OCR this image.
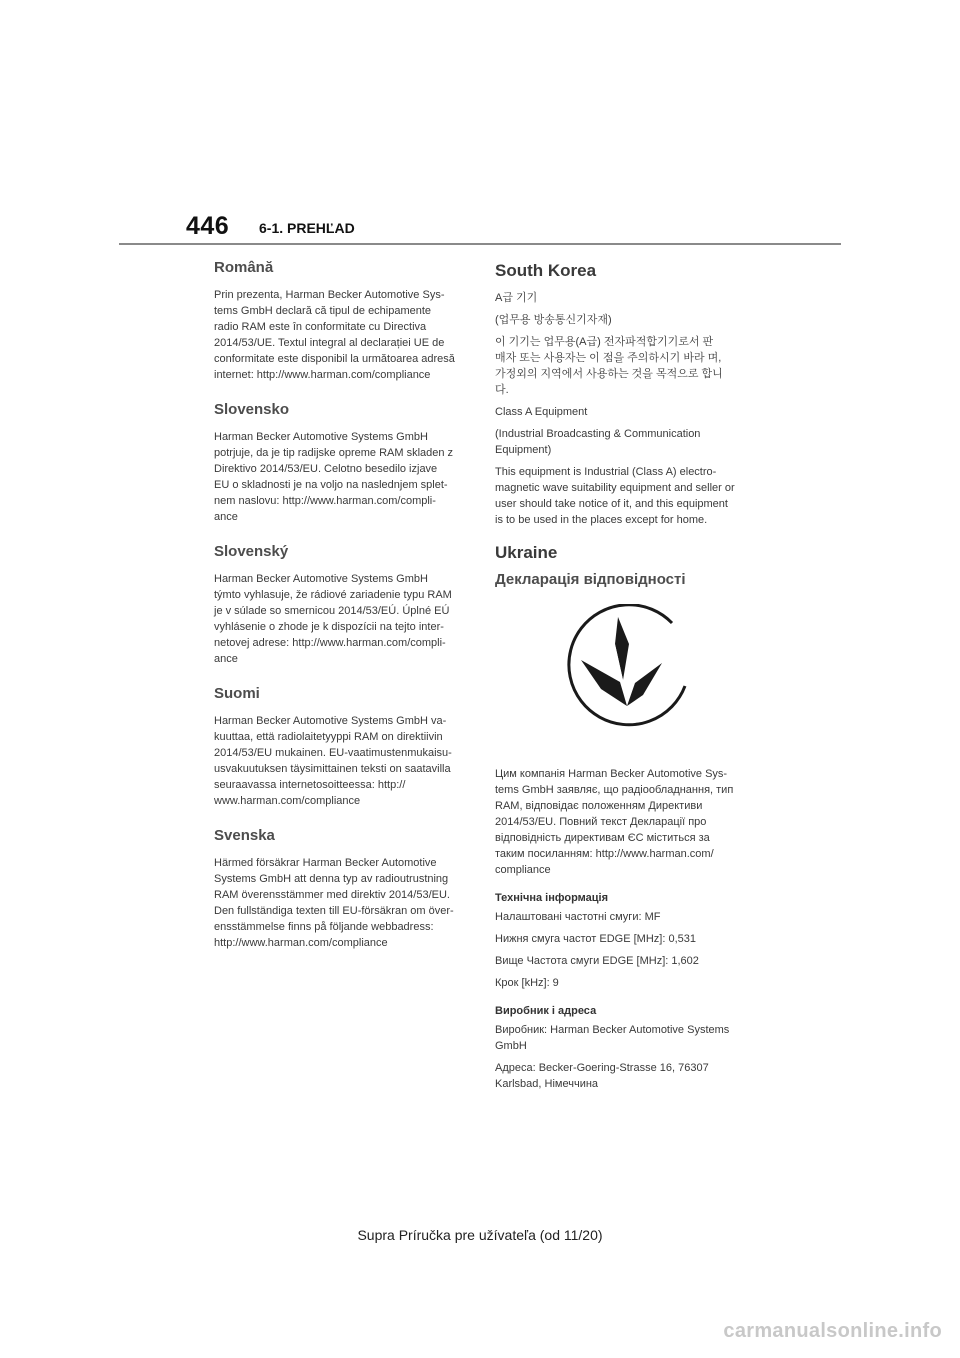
446 6-1. PREHĽAD
Română

Prin prezenta, Harman Becker Automotive Sys-
tems GmbH declară că tipul de echipamente
radio RAM este în conformitate cu Directiva
2014/53/UE. Textul integral al declarației UE de
conformitate este disponibil la următoarea adresă
internet: http://www.harman.com/compliance

Slovensko

Harman Becker Automotive Systems GmbH
potrjuje, da je tip radijske opreme RAM skladen z
Direktivo 2014/53/EU. Celotno besedilo izjave
EU o skladnosti je na voljo na naslednjem splet-
nem naslovu: http://www.harman.com/compli-
ance

Slovenský

Harman Becker Automotive Systems GmbH
týmto vyhlasuje, že rádiové zariadenie typu RAM
je v súlade so smernicou 2014/53/EÚ. Úplné EÚ
vyhlásenie o zhode je k dispozícii na tejto inter-
netovej adrese: http://www.harman.com/compli-
ance

Suomi

Harman Becker Automotive Systems GmbH va-
kuuttaa, että radiolaitetyyppi RAM on direktiivin
2014/53/EU mukainen. EU-vaatimustenmukaisu-
usvakuutuksen täysimittainen teksti on saatavilla
seuraavassa internetosoitteessa: http://
www.harman.com/compliance

Svenska

Härmed försäkrar Harman Becker Automotive
Systems GmbH att denna typ av radioutrustning
RAM överensstämmer med direktiv 2014/53/EU.
Den fullständiga texten till EU-försäkran om över-
ensstämmelse finns på följande webbadress:
http://www.harman.com/compliance

South Korea

A급 기기

(업무용 방송통신기자재)

이 기기는 업무용(A급) 전자파적합기기로서 판
매자 또는 사용자는 이 점을 주의하시기 바라 며,
가정외의 지역에서 사용하는 것을 목적으로 합니
다.

Class A Equipment

(Industrial Broadcasting & Communication
Equipment)

This equipment is Industrial (Class A) electro-
magnetic wave suitability equipment and seller or
user should take notice of it, and this equipment
is to be used in the places except for home.

Ukraine
Декларація відповідності

Цим компанія Harman Becker Automotive Sys-
tems GmbH заявляє, що радіообладнання, тип
RAM, відповідає положенням Директиви
2014/53/EU. Повний текст Декларації про
відповідність директивам ЄС міститься за
таким посиланням: http://www.harman.com/
compliance

Технічна інформація

Налаштовані частотні смуги: MF

Нижня смуга частот EDGE [MHz]: 0,531

Вище Частота смуги EDGE [MHz]: 1,602

Крок [kHz]: 9

Виробник і адреса

Виробник: Harman Becker Automotive Systems
GmbH

Адреса: Becker-Goering-Strasse 16, 76307
Karlsbad, Німеччина

Supra Príručka pre užívateľa (od 11/20)
carmanualsonline.info
